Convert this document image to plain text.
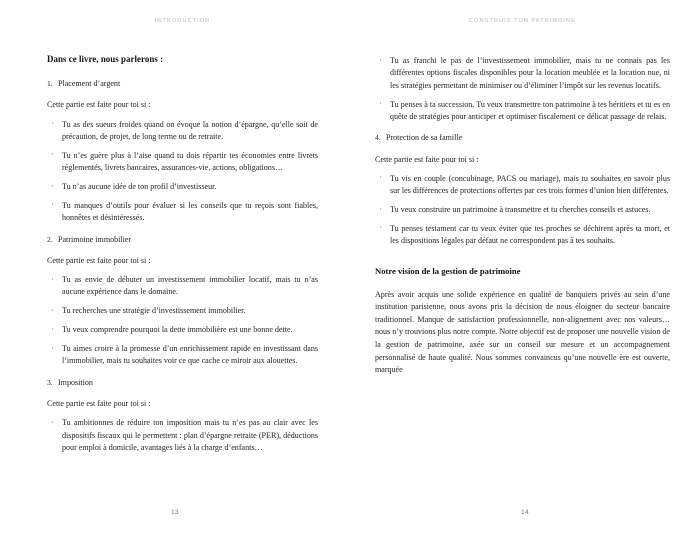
INTRODUCTION
Dans ce livre, nous parlerons :
1. Placement d’argent
Cette partie est faite pour toi si :
· Tu as des sueurs froides quand on évoque la notion d’épargne, qu’elle soit de précaution, de projet, de long terme ou de retraite.
· Tu n’es guère plus à l’aise quand tu dois répartir tes économies entre livrets réglementés, livrets bancaires, assurances-vie, actions, obligations…
· Tu n’as aucune idée de ton profil d’investisseur.
· Tu manques d’outils pour évaluer si les conseils que tu reçois sont fiables, honnêtes et désintéressés.
2. Patrimoine immobilier
Cette partie est faite pour toi si :
· Tu as envie de débuter un investissement immobilier locatif, mais tu n’as aucune expérience dans le domaine.
· Tu recherches une stratégie d’investissement immobilier.
· Tu veux comprendre pourquoi la dette immobilière est une bonne dette.
· Tu aimes croire à la promesse d’un enrichissement rapide en investissant dans l’immobilier, mais tu souhaites voir ce que cache ce miroir aux alouettes.
3. Imposition
Cette partie est faite pour toi si :
· Tu ambitionnes de réduire ton imposition mais tu n’es pas au clair avec les dispositifs fiscaux qui le permettent : plan d’épargne retraite (PER), déductions pour emploi à domicile, avantages liés à la charge d’enfants…
13
CONSTRUIS TON PATRIMOINE
· Tu as franchi le pas de l’investissement immobilier, mais tu ne connais pas les différentes options fiscales disponibles pour la location meublée et la location nue, ni les stratégies permettant de minimiser ou d’éliminer l’impôt sur les revenus locatifs.
· Tu penses à ta succession. Tu veux transmettre ton patrimoine à tes héritiers et tu es en quête de stratégies pour anticiper et optimiser fiscalement ce délicat passage de relais.
4. Protection de sa famille
Cette partie est faite pour toi si :
· Tu vis en couple (concubinage, PACS ou mariage), mais tu souhaites en savoir plus sur les différences de protections offertes par ces trois formes d’union bien différentes.
· Tu veux construire un patrimoine à transmettre et tu cherches conseils et astuces.
· Tu penses testament car tu veux éviter que tes proches se déchirent après ta mort, et les dispositions légales par défaut ne correspondent pas à tes souhaits.
Notre vision de la gestion de patrimoine

Après avoir acquis une solide expérience en qualité de banquiers privés au sein d’une institution parisienne, nous avons pris la décision de nous éloigner du secteur bancaire traditionnel. Manque de satisfaction professionnelle, non-alignement avec nos valeurs… nous n’y trouvions plus notre compte. Notre objectif est de proposer une nouvelle vision de la gestion de patrimoine, axée sur un conseil sur mesure et un accompagnement personnalisé de haute qualité. Nous sommes convaincus qu’une nouvelle ère est ouverte, marquée

14
